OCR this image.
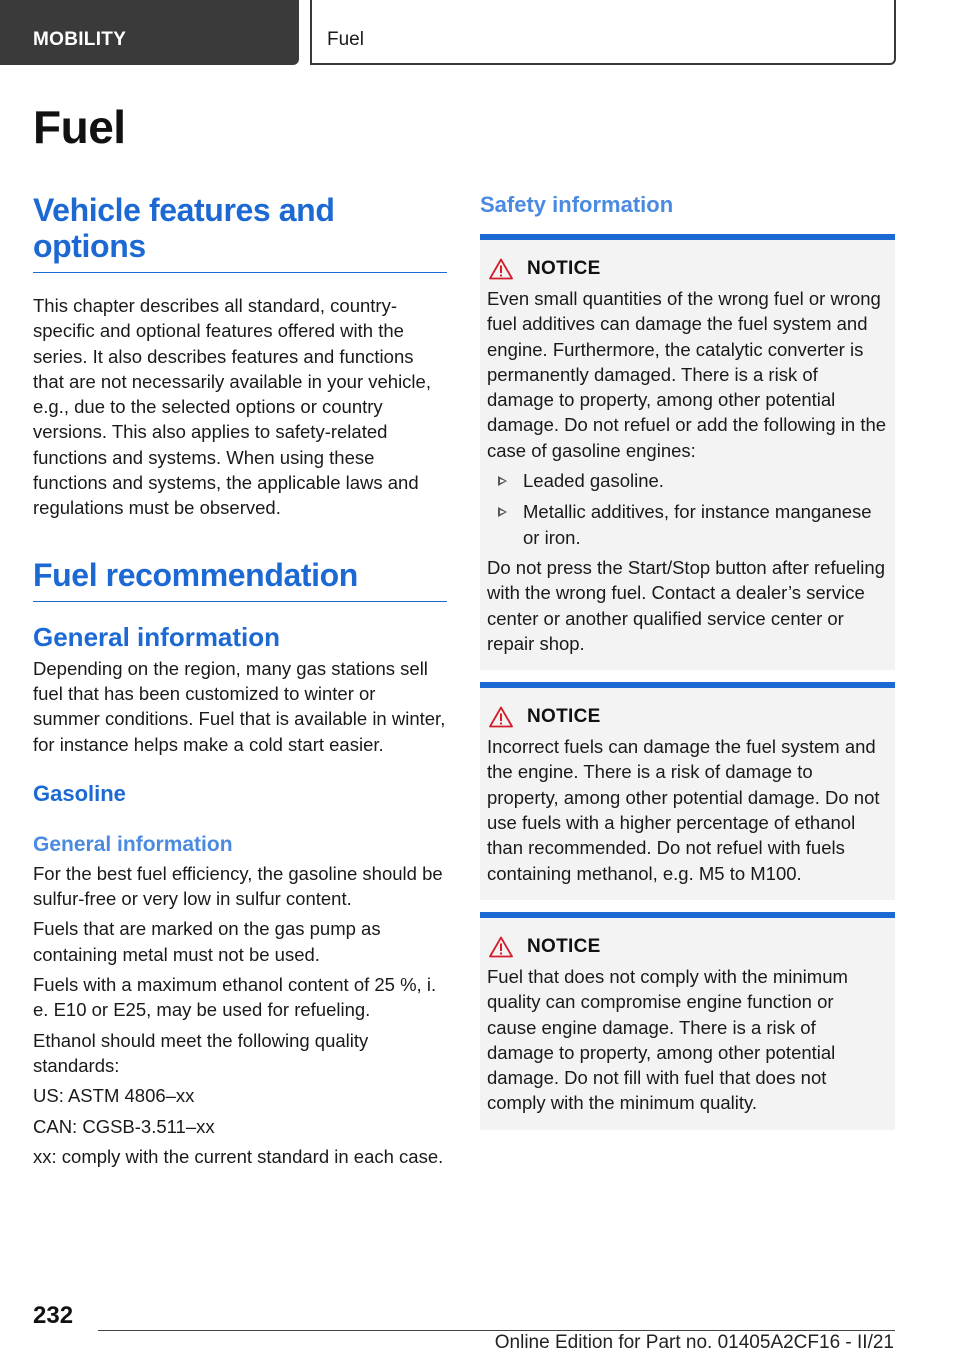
MOBILITY	Fuel
Fuel
Vehicle features and options

This chapter describes all standard, country-specific and optional features offered with the series. It also describes features and functions that are not necessarily available in your vehicle, e.g., due to the selected options or country versions. This also applies to safety-related functions and systems. When using these functions and systems, the applicable laws and regulations must be observed.

Fuel recommendation
General information

Depending on the region, many gas stations sell fuel that has been customized to winter or summer conditions. Fuel that is available in winter, for instance helps make a cold start easier.

Gasoline
General information

For the best fuel efficiency, the gasoline should be sulfur-free or very low in sulfur content.

Fuels that are marked on the gas pump as containing metal must not be used.

Fuels with a maximum ethanol content of 25 %, i. e. E10 or E25, may be used for refueling.

Ethanol should meet the following quality standards:

US: ASTM 4806–xx

CAN: CGSB-3.511–xx

xx: comply with the current standard in each case.

Safety information
NOTICE

Even small quantities of the wrong fuel or wrong fuel additives can damage the fuel system and engine. Furthermore, the catalytic converter is permanently damaged. There is a risk of damage to property, among other potential damage. Do not refuel or add the following in the case of gasoline engines:

Leaded gasoline.
Metallic additives, for instance manganese or iron.

Do not press the Start/Stop button after refueling with the wrong fuel. Contact a dealer’s service center or another qualified service center or repair shop.

NOTICE

Incorrect fuels can damage the fuel system and the engine. There is a risk of damage to property, among other potential damage. Do not use fuels with a higher percentage of ethanol than recommended. Do not refuel with fuels containing methanol, e.g. M5 to M100.

NOTICE

Fuel that does not comply with the minimum quality can compromise engine function or cause engine damage. There is a risk of damage to property, among other potential damage. Do not fill with fuel that does not comply with the minimum quality.

232
Online Edition for Part no. 01405A2CF16 - II/21
